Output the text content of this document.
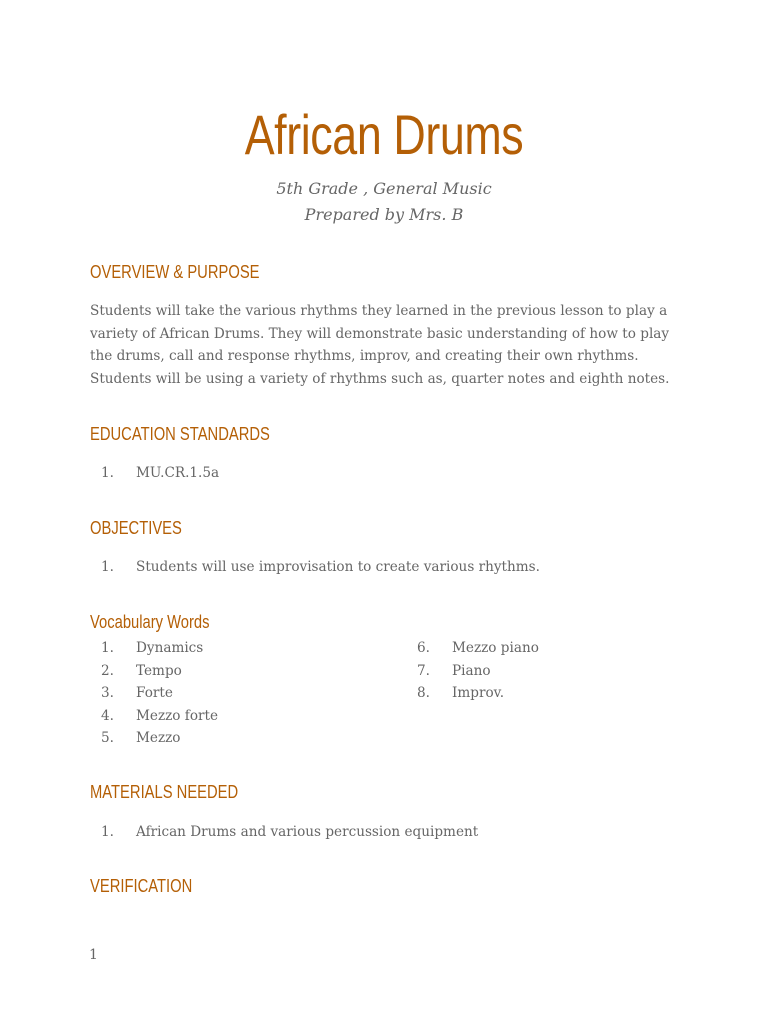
African Drums
5th Grade , General Music
Prepared by Mrs. B
OVERVIEW & PURPOSE

Students will take the various rhythms they learned in the previous lesson to play a variety of African Drums. They will demonstrate basic understanding of how to play the drums, call and response rhythms, improv, and creating their own rhythms. Students will be using a variety of rhythms such as, quarter notes and eighth notes.

EDUCATION STANDARDS
1. MU.CR.1.5a
OBJECTIVES
1. Students will use improvisation to create various rhythms.
Vocabulary Words
1. Dynamics
2. Tempo
3. Forte
4. Mezzo forte
5. Mezzo
6. Mezzo piano
7. Piano
8. Improv.
MATERIALS NEEDED
1. African Drums and various percussion equipment
VERIFICATION
1
